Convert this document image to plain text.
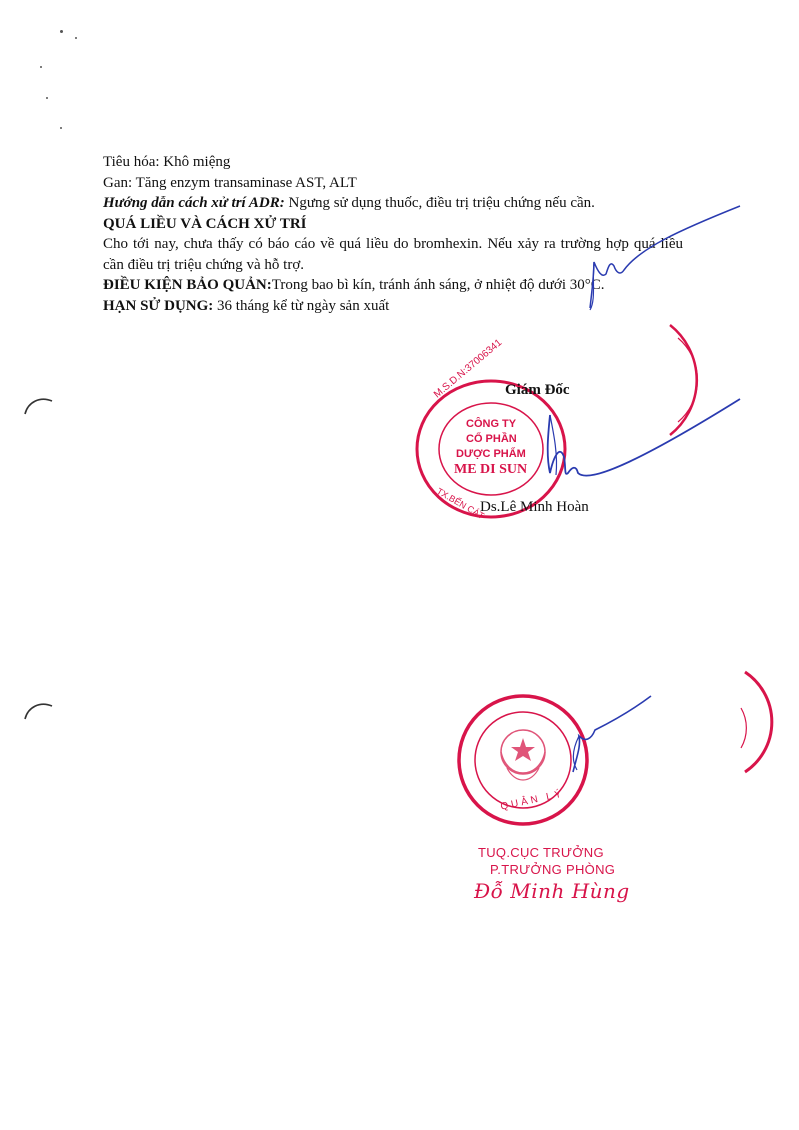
Tiêu hóa: Khô miệng
Gan: Tăng enzym transaminase AST, ALT
Hướng dẫn cách xử trí ADR: Ngưng sử dụng thuốc, điều trị triệu chứng nếu cần.
QUÁ LIỀU VÀ CÁCH XỬ TRÍ
Cho tới nay, chưa thấy có báo cáo về quá liều do bromhexin. Nếu xảy ra trường hợp quá liều cần điều trị triệu chứng và hỗ trợ.
ĐIỀU KIỆN BẢO QUẢN:Trong bao bì kín, tránh ánh sáng, ở nhiệt độ dưới 30°C.
HẠN SỬ DỤNG: 36 tháng kể từ ngày sản xuất
M.S.D.N:37006341
TX.BẾN CÁT
CÔNG TY
CỔ PHẦN
DƯỢC PHẨM
ME DI SUN
Giám Đốc
Ds.Lê Minh Hoàn
QUẢN LÝ
TUQ.CỤC TRƯỞNG
P.TRƯỞNG PHÒNG
Đỗ Minh Hùng
